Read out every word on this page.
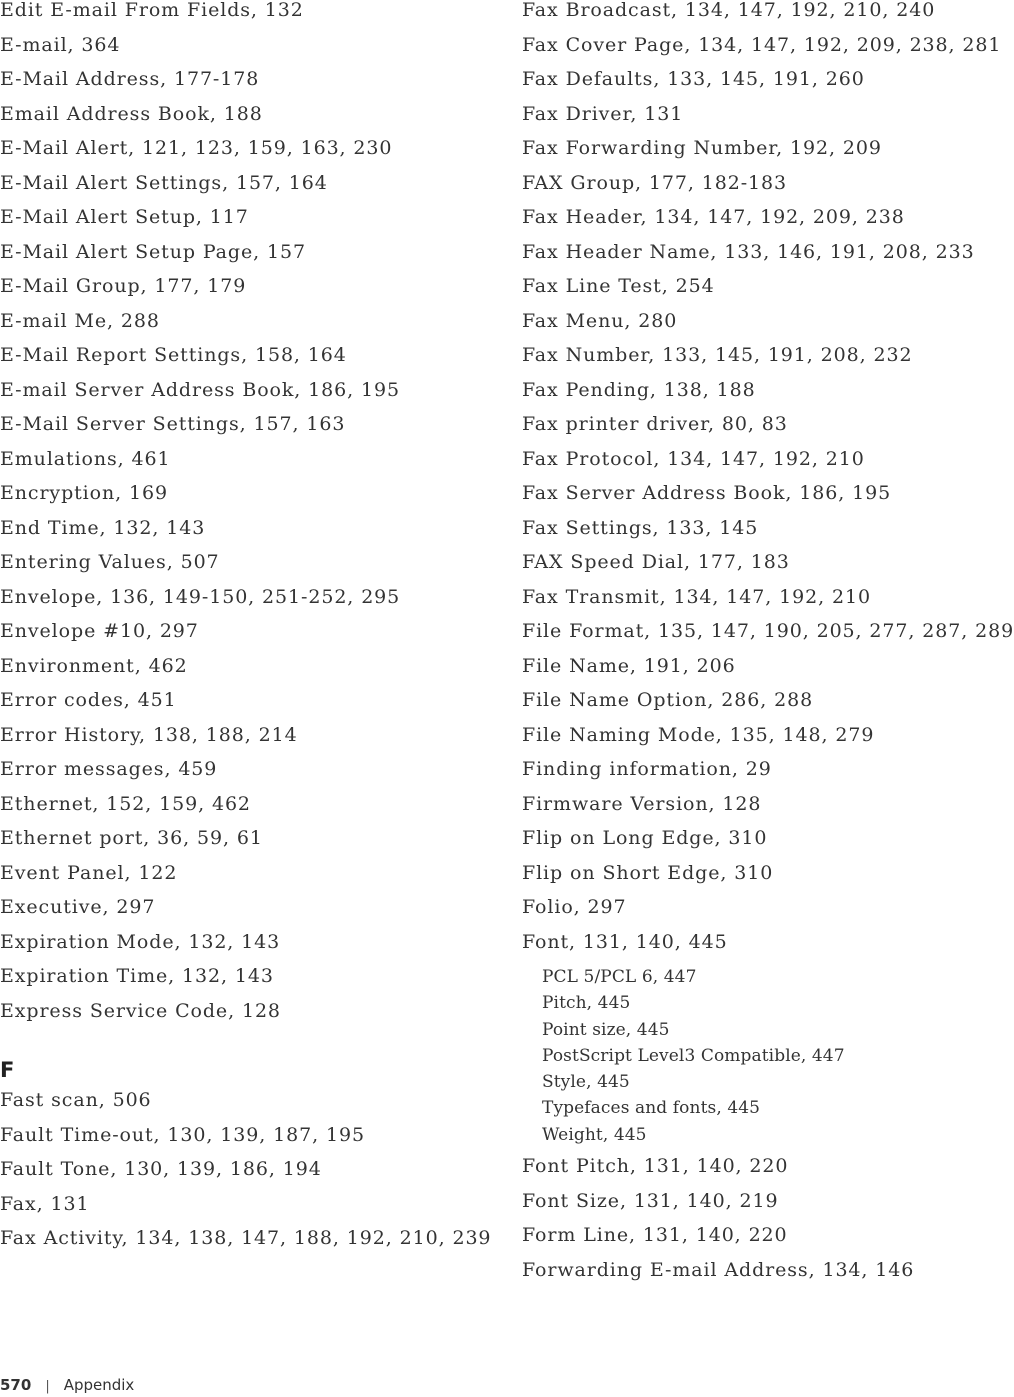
Edit E-mail From Fields, 132
E-mail, 364
E-Mail Address, 177-178
Email Address Book, 188
E-Mail Alert, 121, 123, 159, 163, 230
E-Mail Alert Settings, 157, 164
E-Mail Alert Setup, 117
E-Mail Alert Setup Page, 157
E-Mail Group, 177, 179
E-mail Me, 288
E-Mail Report Settings, 158, 164
E-mail Server Address Book, 186, 195
E-Mail Server Settings, 157, 163
Emulations, 461
Encryption, 169
End Time, 132, 143
Entering Values, 507
Envelope, 136, 149-150, 251-252, 295
Envelope #10, 297
Environment, 462
Error codes, 451
Error History, 138, 188, 214
Error messages, 459
Ethernet, 152, 159, 462
Ethernet port, 36, 59, 61
Event Panel, 122
Executive, 297
Expiration Mode, 132, 143
Expiration Time, 132, 143
Express Service Code, 128
F
Fast scan, 506
Fault Time-out, 130, 139, 187, 195
Fault Tone, 130, 139, 186, 194
Fax, 131
Fax Activity, 134, 138, 147, 188, 192, 210, 239
Fax Broadcast, 134, 147, 192, 210, 240
Fax Cover Page, 134, 147, 192, 209, 238, 281
Fax Defaults, 133, 145, 191, 260
Fax Driver, 131
Fax Forwarding Number, 192, 209
FAX Group, 177, 182-183
Fax Header, 134, 147, 192, 209, 238
Fax Header Name, 133, 146, 191, 208, 233
Fax Line Test, 254
Fax Menu, 280
Fax Number, 133, 145, 191, 208, 232
Fax Pending, 138, 188
Fax printer driver, 80, 83
Fax Protocol, 134, 147, 192, 210
Fax Server Address Book, 186, 195
Fax Settings, 133, 145
FAX Speed Dial, 177, 183
Fax Transmit, 134, 147, 192, 210
File Format, 135, 147, 190, 205, 277, 287, 289
File Name, 191, 206
File Name Option, 286, 288
File Naming Mode, 135, 148, 279
Finding information, 29
Firmware Version, 128
Flip on Long Edge, 310
Flip on Short Edge, 310
Folio, 297
Font, 131, 140, 445
PCL 5/PCL 6, 447
Pitch, 445
Point size, 445
PostScript Level3 Compatible, 447
Style, 445
Typefaces and fonts, 445
Weight, 445
Font Pitch, 131, 140, 220
Font Size, 131, 140, 219
Form Line, 131, 140, 220
Forwarding E-mail Address, 134, 146
570 | Appendix
